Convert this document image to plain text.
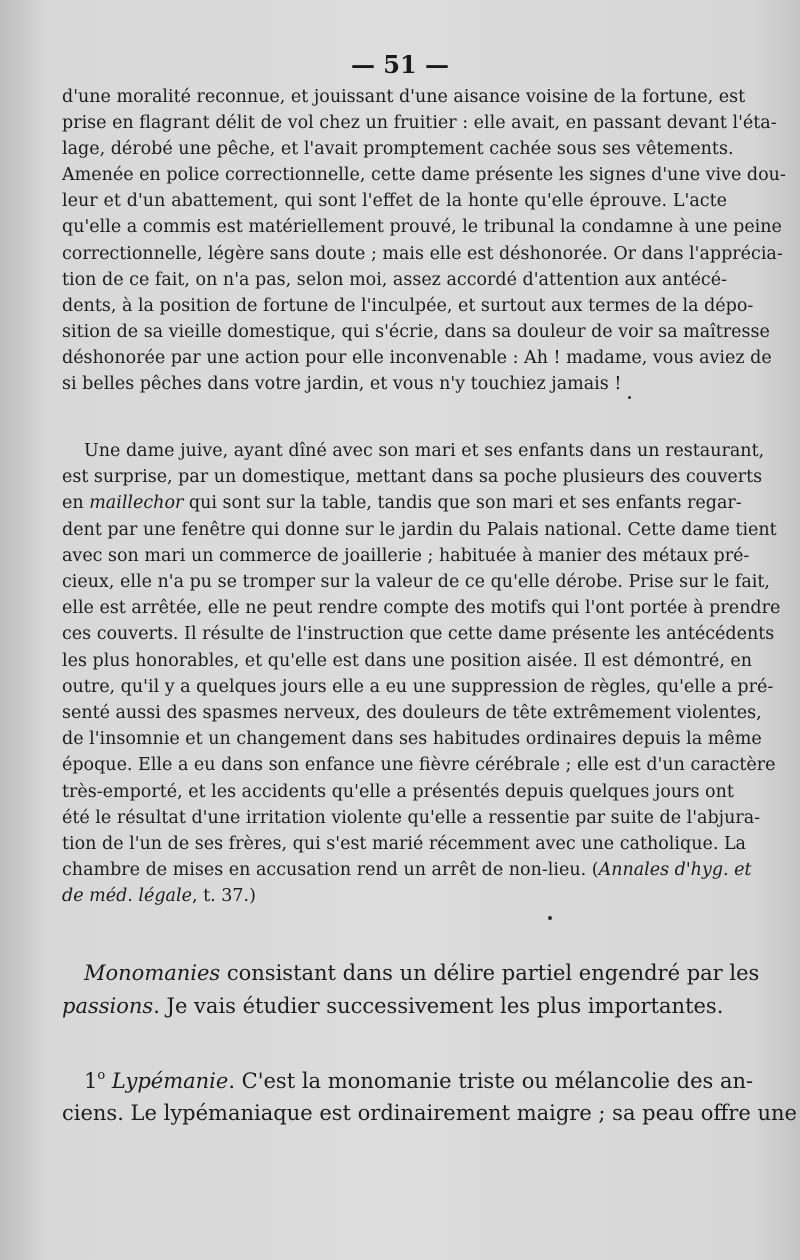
— 51 —
d'une moralité reconnue, et jouissant d'une aisance voisine de la fortune, est
prise en flagrant délit de vol chez un fruitier : elle avait, en passant devant l'éta-
lage, dérobé une pêche, et l'avait promptement cachée sous ses vêtements.
Amenée en police correctionnelle, cette dame présente les signes d'une vive dou-
leur et d'un abattement, qui sont l'effet de la honte qu'elle éprouve. L'acte
qu'elle a commis est matériellement prouvé, le tribunal la condamne à une peine
correctionnelle, légère sans doute ; mais elle est déshonorée. Or dans l'apprécia-
tion de ce fait, on n'a pas, selon moi, assez accordé d'attention aux antécé-
dents, à la position de fortune de l'inculpée, et surtout aux termes de la dépo-
sition de sa vieille domestique, qui s'écrie, dans sa douleur de voir sa maîtresse
déshonorée par une action pour elle inconvenable : Ah ! madame, vous aviez de
si belles pêches dans votre jardin, et vous n'y touchiez jamais !
Une dame juive, ayant dîné avec son mari et ses enfants dans un restaurant,
est surprise, par un domestique, mettant dans sa poche plusieurs des couverts
en maillechor qui sont sur la table, tandis que son mari et ses enfants regar-
dent par une fenêtre qui donne sur le jardin du Palais national. Cette dame tient
avec son mari un commerce de joaillerie ; habituée à manier des métaux pré-
cieux, elle n'a pu se tromper sur la valeur de ce qu'elle dérobe. Prise sur le fait,
elle est arrêtée, elle ne peut rendre compte des motifs qui l'ont portée à prendre
ces couverts. Il résulte de l'instruction que cette dame présente les antécédents
les plus honorables, et qu'elle est dans une position aisée. Il est démontré, en
outre, qu'il y a quelques jours elle a eu une suppression de règles, qu'elle a pré-
senté aussi des spasmes nerveux, des douleurs de tête extrêmement violentes,
de l'insomnie et un changement dans ses habitudes ordinaires depuis la même
époque. Elle a eu dans son enfance une fièvre cérébrale ; elle est d'un caractère
très-emporté, et les accidents qu'elle a présentés depuis quelques jours ont
été le résultat d'une irritation violente qu'elle a ressentie par suite de l'abjura-
tion de l'un de ses frères, qui s'est marié récemment avec une catholique. La
chambre de mises en accusation rend un arrêt de non-lieu. (Annales d'hyg. et
de méd. légale, t. 37.)
Monomanies consistant dans un délire partiel engendré par les
passions. Je vais étudier successivement les plus importantes.
1$^o$ Lypémanie. C'est la monomanie triste ou mélancolie des an-
ciens. Le lypémaniaque est ordinairement maigre ; sa peau offre une
